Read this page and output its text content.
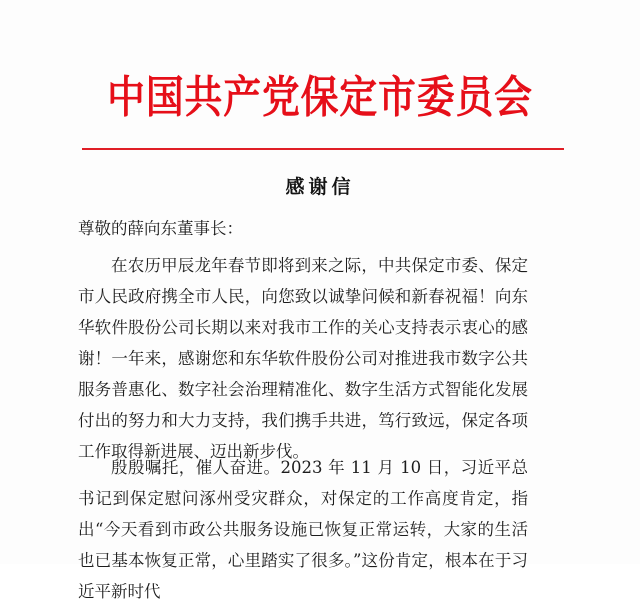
中国共产党保定市委员会
感谢信
尊敬的薛向东董事长：

在农历甲辰龙年春节即将到来之际，中共保定市委、保定市人民政府携全市人民，向您致以诚挚问候和新春祝福！向东华软件股份公司长期以来对我市工作的关心支持表示衷心的感谢！一年来，感谢您和东华软件股份公司对推进我市数字公共服务普惠化、数字社会治理精准化、数字生活方式智能化发展付出的努力和大力支持，我们携手共进，笃行致远，保定各项工作取得新进展、迈出新步伐。

殷殷嘱托，催人奋进。2023 年 11 月 10 日，习近平总书记到保定慰问涿州受灾群众，对保定的工作高度肯定，指出“今天看到市政公共服务设施已恢复正常运转，大家的生活也已基本恢复正常，心里踏实了很多。”这份肯定，根本在于习近平新时代
